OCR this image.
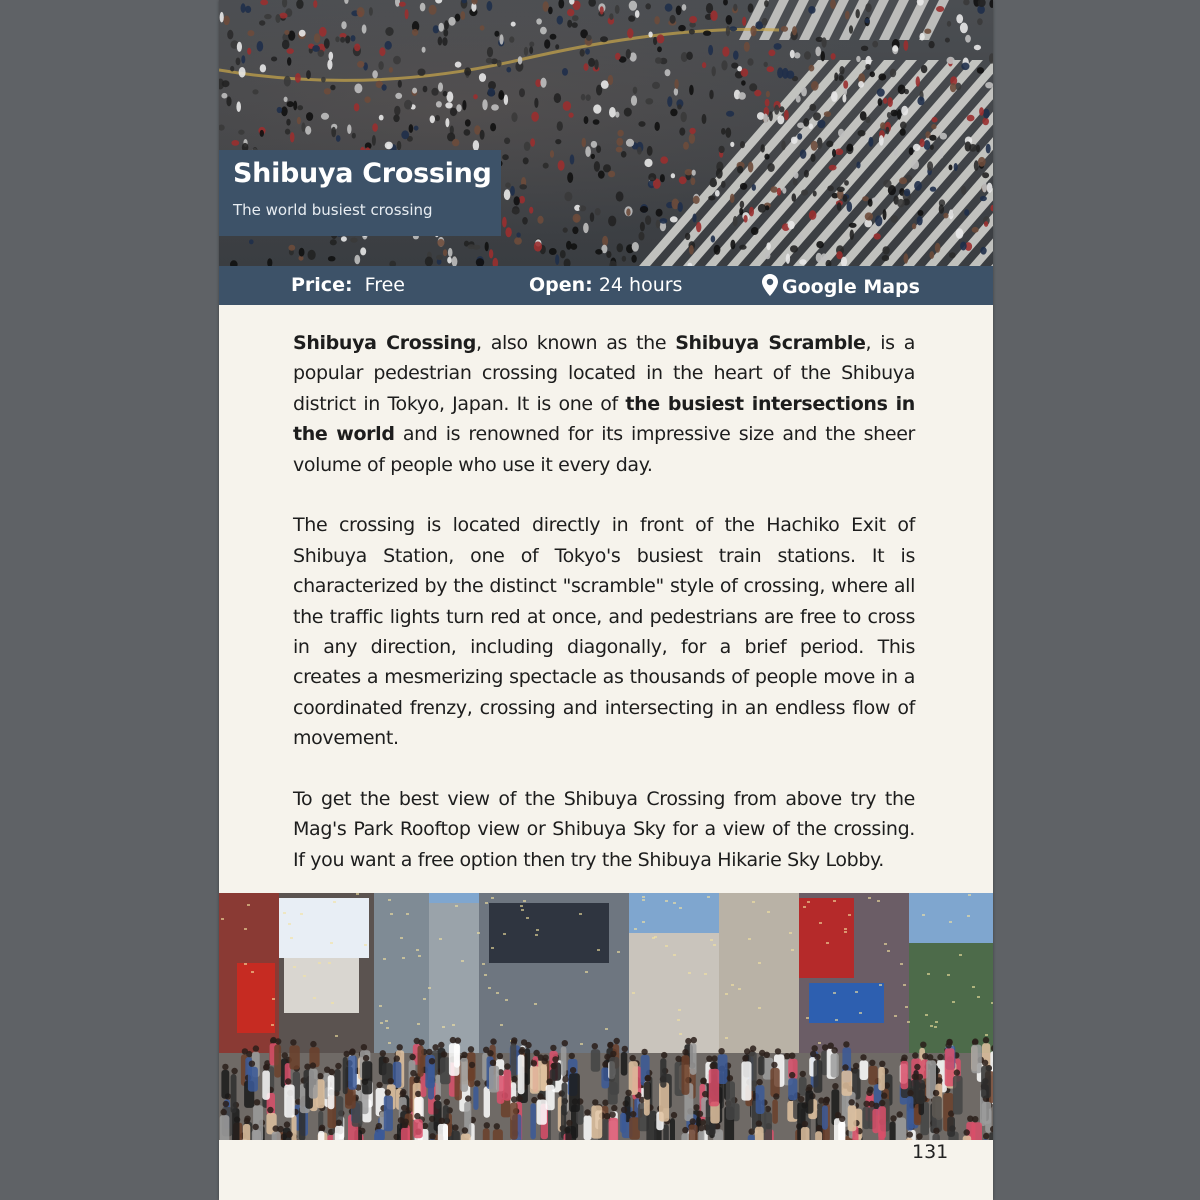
Shibuya Crossing
The world busiest crossing
Price: Free	Open: 24 hours	Google Maps

Shibuya Crossing, also known as the Shibuya Scramble, is a popular pedestrian crossing located in the heart of the Shibuya district in Tokyo, Japan. It is one of the busiest intersections in the world and is renowned for its impressive size and the sheer volume of people who use it every day.

The crossing is located directly in front of the Hachiko Exit of Shibuya Station, one of Tokyo's busiest train stations. It is characterized by the distinct "scramble" style of crossing, where all the traffic lights turn red at once, and pedestrians are free to cross in any direction, including diagonally, for a brief period. This creates a mesmerizing spectacle as thousands of people move in a coordinated frenzy, crossing and intersecting in an endless flow of movement.

To get the best view of the Shibuya Crossing from above try the Mag's Park Rooftop view or Shibuya Sky for a view of the crossing. If you want a free option then try the Shibuya Hikarie Sky Lobby.

131
